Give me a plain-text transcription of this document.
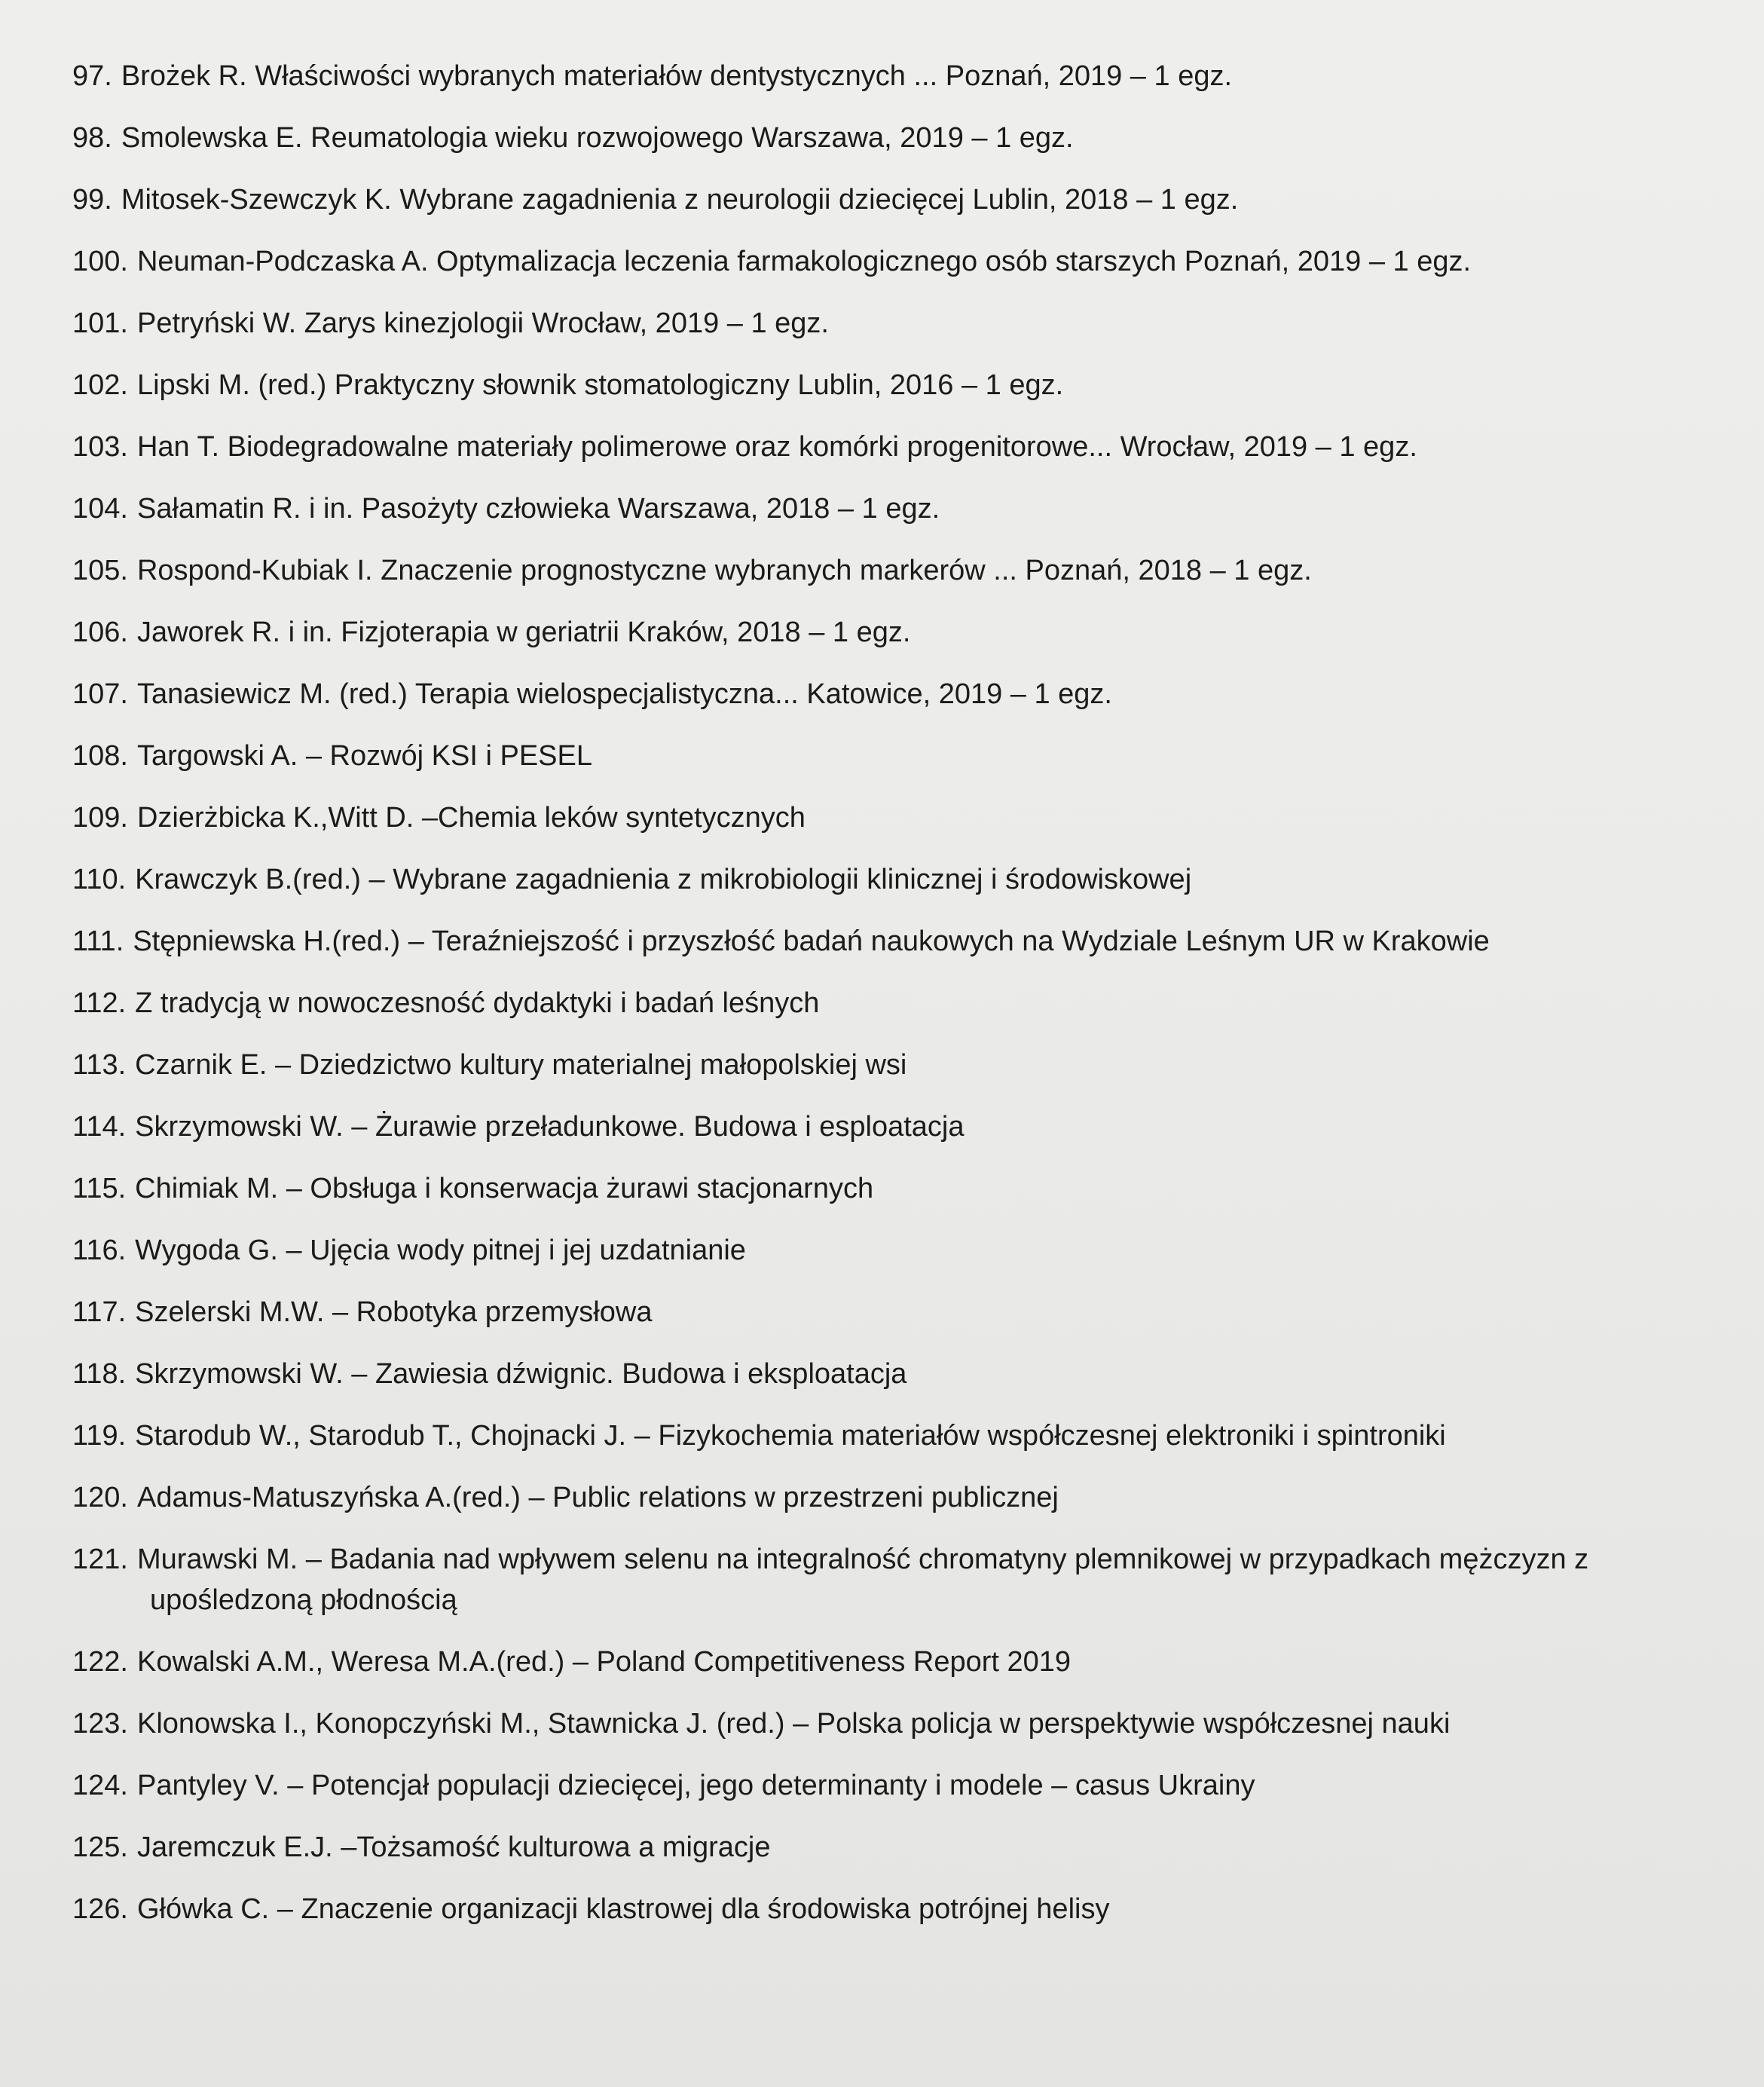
97. Brożek R. Właściwości wybranych materiałów dentystycznych ... Poznań, 2019 – 1 egz.
98. Smolewska E. Reumatologia wieku rozwojowego Warszawa, 2019 – 1 egz.
99. Mitosek-Szewczyk K. Wybrane zagadnienia z neurologii dziecięcej Lublin, 2018 – 1 egz.
100. Neuman-Podczaska A. Optymalizacja leczenia farmakologicznego osób starszych Poznań, 2019 – 1 egz.
101. Petryński W. Zarys kinezjologii Wrocław, 2019 – 1 egz.
102. Lipski M. (red.) Praktyczny słownik stomatologiczny Lublin, 2016 – 1 egz.
103. Han T. Biodegradowalne materiały polimerowe oraz komórki progenitorowe... Wrocław, 2019 – 1 egz.
104. Sałamatin R. i in. Pasożyty człowieka Warszawa, 2018 – 1 egz.
105. Rospond-Kubiak I. Znaczenie prognostyczne wybranych markerów ... Poznań, 2018 – 1 egz.
106. Jaworek R. i in. Fizjoterapia w geriatrii Kraków, 2018 – 1 egz.
107. Tanasiewicz M. (red.) Terapia wielospecjalistyczna... Katowice, 2019 – 1 egz.
108. Targowski A. – Rozwój KSI i PESEL
109. Dzierżbicka K.,Witt D. –Chemia leków syntetycznych
110. Krawczyk B.(red.) – Wybrane zagadnienia z mikrobiologii klinicznej i środowiskowej
111. Stępniewska H.(red.) – Teraźniejszość i przyszłość badań naukowych na Wydziale Leśnym UR w Krakowie
112. Z tradycją w nowoczesność dydaktyki i badań leśnych
113. Czarnik E. – Dziedzictwo kultury materialnej małopolskiej wsi
114. Skrzymowski W. – Żurawie przeładunkowe. Budowa i esploatacja
115. Chimiak M. – Obsługa i konserwacja żurawi stacjonarnych
116. Wygoda G. – Ujęcia wody pitnej i jej uzdatnianie
117. Szelerski M.W. – Robotyka przemysłowa
118. Skrzymowski W. – Zawiesia dźwignic. Budowa i eksploatacja
119. Starodub W., Starodub T., Chojnacki J. – Fizykochemia materiałów współczesnej elektroniki i spintroniki
120. Adamus-Matuszyńska A.(red.) – Public relations w przestrzeni publicznej
121. Murawski M. – Badania nad wpływem selenu na integralność chromatyny plemnikowej w przypadkach mężczyzn z
upośledzoną płodnością
122. Kowalski A.M., Weresa M.A.(red.) – Poland Competitiveness Report 2019
123. Klonowska I., Konopczyński M., Stawnicka J. (red.) – Polska policja w perspektywie współczesnej nauki
124. Pantyley V. – Potencjał populacji dziecięcej, jego determinanty i modele – casus Ukrainy
125. Jaremczuk E.J. –Tożsamość kulturowa a migracje
126. Główka C. – Znaczenie organizacji klastrowej dla środowiska potrójnej helisy
